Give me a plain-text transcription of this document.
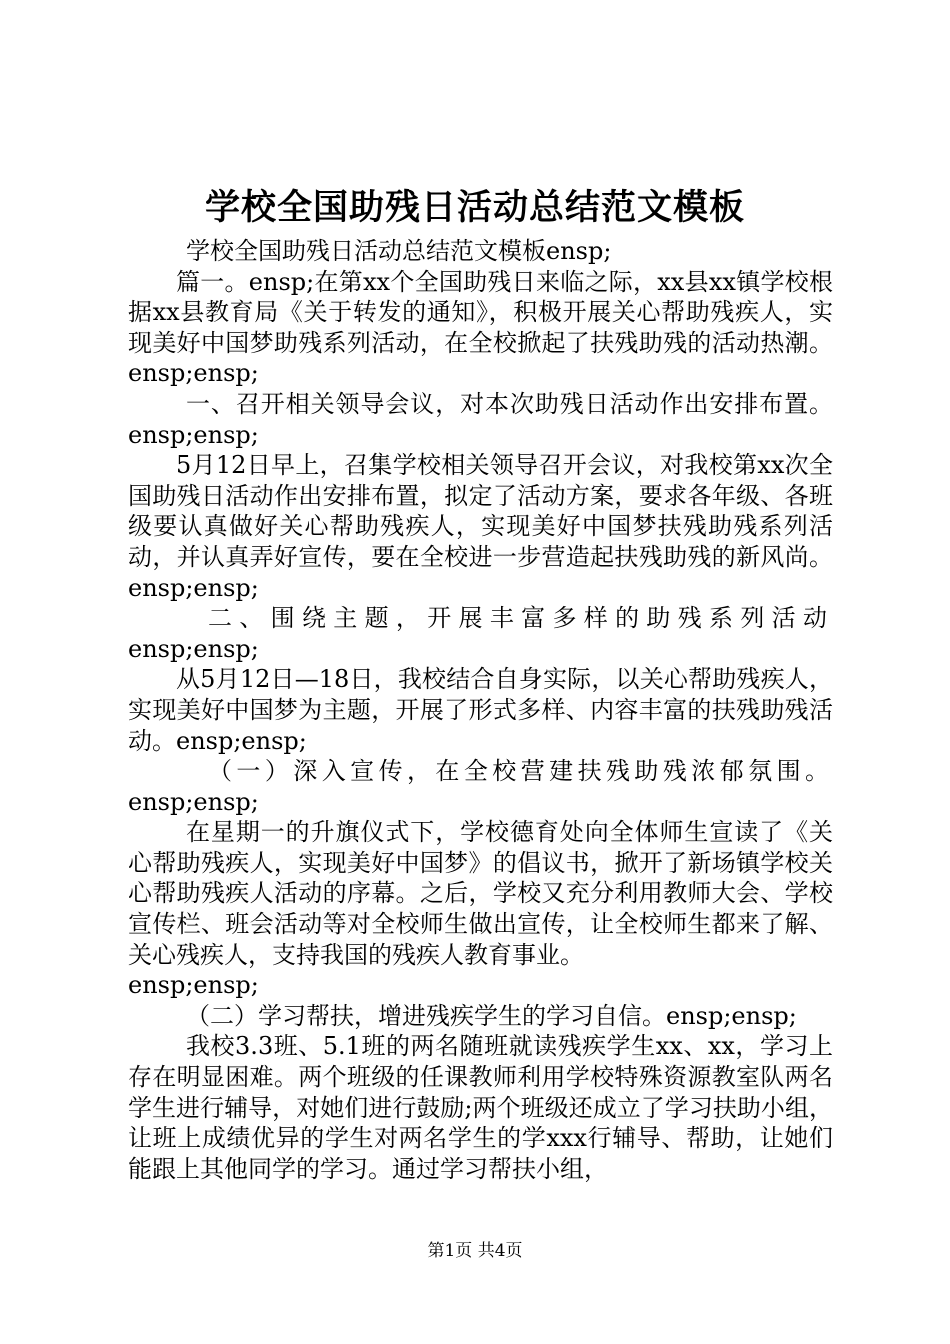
学校全国助残日活动总结范文模板

学校全国助残日活动总结范文模板ensp;

篇一。ensp;在第xx个全国助残日来临之际，xx县xx镇学校根据xx县教育局《关于转发的通知》，积极开展关心帮助残疾人，实现美好中国梦助残系列活动，在全校掀起了扶残助残的活动热潮。ensp;ensp;

一、召开相关领导会议，对本次助残日活动作出安排布置。

ensp;ensp;

5月12日早上，召集学校相关领导召开会议，对我校第xx次全国助残日活动作出安排布置，拟定了活动方案，要求各年级、各班级要认真做好关心帮助残疾人，实现美好中国梦扶残助残系列活动，并认真弄好宣传，要在全校进一步营造起扶残助残的新风尚。ensp;ensp;

二、围绕主题，开展丰富多样的助残系列活动

ensp;ensp;

从5月12日—18日，我校结合自身实际，以关心帮助残疾人，实现美好中国梦为主题，开展了形式多样、内容丰富的扶残助残活动。ensp;ensp;

（一）深入宣传，在全校营建扶残助残浓郁氛围。

ensp;ensp;

在星期一的升旗仪式下，学校德育处向全体师生宣读了《关心帮助残疾人，实现美好中国梦》的倡议书，掀开了新场镇学校关心帮助残疾人活动的序幕。之后，学校又充分利用教师大会、学校宣传栏、班会活动等对全校师生做出宣传，让全校师生都来了解、关心残疾人，支持我国的残疾人教育事业。

ensp;ensp;

（二）学习帮扶，增进残疾学生的学习自信。ensp;ensp;

我校3.3班、5.1班的两名随班就读残疾学生xx、xx，学习上存在明显困难。两个班级的任课教师利用学校特殊资源教室队两名学生进行辅导，对她们进行鼓励;两个班级还成立了学习扶助小组，让班上成绩优异的学生对两名学生的学xxx行辅导、帮助，让她们能跟上其他同学的学习。通过学习帮扶小组，

第1页 共4页
